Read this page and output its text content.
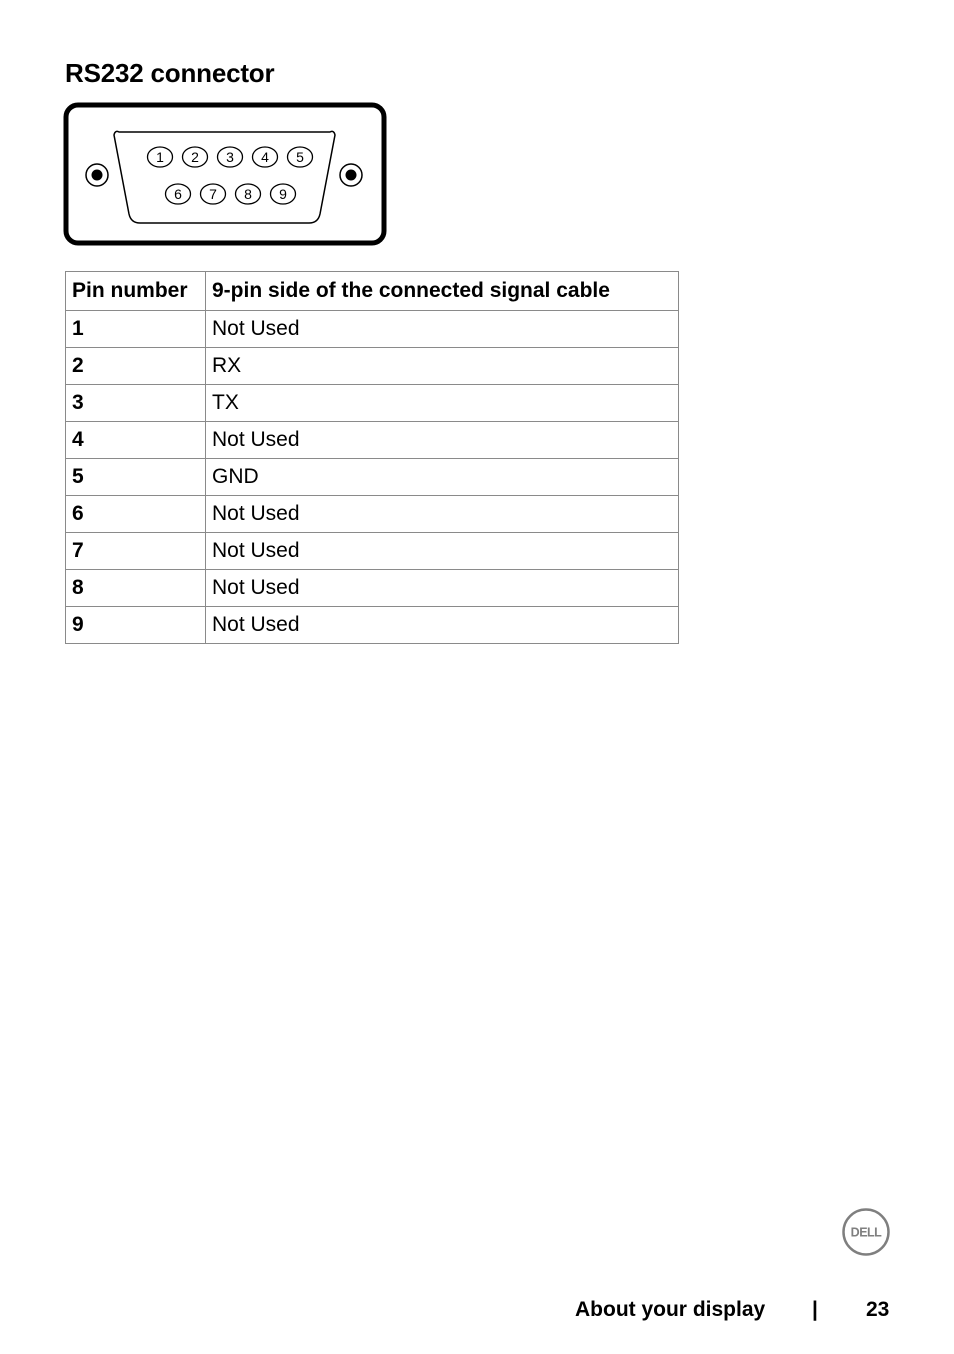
RS232 connector
1 2 3 4 5
6 7 8 9
Pin number	9-pin side of the connected signal cable
1	Not Used
2	RX
3	TX
4	Not Used
5	GND
6	Not Used
7	Not Used
8	Not Used
9	Not Used
DELL
About your display | 23
